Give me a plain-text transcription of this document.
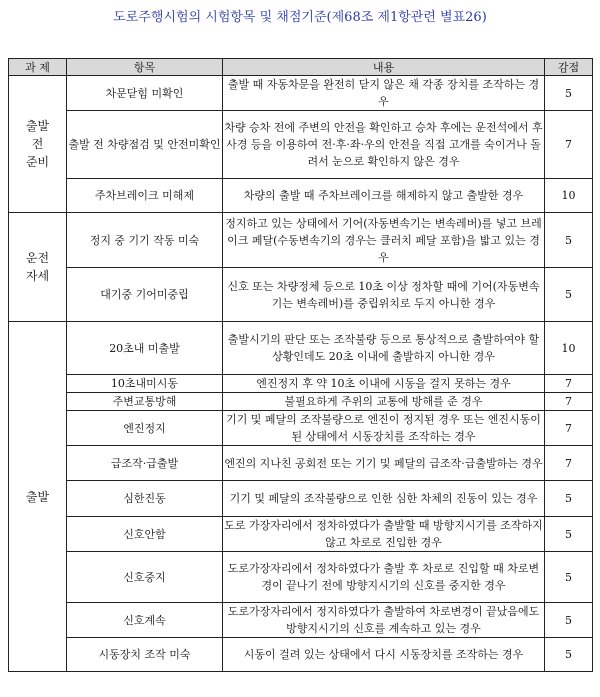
도로주행시험의 시험항목 및 채점기준(제68조 제1항관련 별표26)
과 제	항목	내용	감점

출발
전
준비	차문닫힘 미확인	출발 때 자동차문을 완전히 닫지 않은 채 각종 장치를 조작하는 경우	5
	출발 전 차량점검 및 안전미확인	차량 승차 전에 주변의 안전을 확인하고 승차 후에는 운전석에서 후사경 등을 이용하여 전·후·좌·우의 안전을 직접 고개를 숙이거나 돌려서 눈으로 확인하지 않은 경우	7
	주차브레이크 미해제	차량의 출발 때 주차브레이크를 해제하지 않고 출발한 경우	10

운전
자세	정지 중 기기 작동 미숙	정지하고 있는 상태에서 기어(자동변속기는 변속레버)를 넣고 브레이크 페달(수동변속기의 경우는 클러치 페달 포함)을 밟고 있는 경우	5
	대기중 기어미중립	신호 또는 차량정체 등으로 10초 이상 정차할 때에 기어(자동변속기는 변속레버)를 중립위치로 두지 아니한 경우	5

출발	20초내 미출발	출발시기의 판단 또는 조작불량 등으로 통상적으로 출발하여야 할 상황인데도 20초 이내에 출발하지 아니한 경우	10
	10초내미시동	엔진정지 후 약 10초 이내에 시동을 걸지 못하는 경우	7
	주변교통방해	불필요하게 주위의 교통에 방해를 준 경우	7
	엔진정지	기기 및 페달의 조작불량으로 엔진이 정지된 경우 또는 엔진시동이 된 상태에서 시동장치를 조작하는 경우	7
	급조작·급출발	엔진의 지나친 공회전 또는 기기 및 페달의 급조작·급출발하는 경우	7
	심한진동	기기 및 페달의 조작불량으로 인한 심한 차체의 진동이 있는 경우	5
	신호안함	도로 가장자리에서 정차하였다가 출발할 때 방향지시기를 조작하지 않고 차로로 진입한 경우	5
	신호중지	도로가장자리에서 정차하였다가 출발 후 차로로 진입할 때 차로변경이 끝나기 전에 방향지시기의 신호를 중지한 경우	5
	신호계속	도로가장자리에서 정지하였다가 출발하여 차로변경이 끝났음에도 방향지시기의 신호를 계속하고 있는 경우	5
	시동장치 조작 미숙	시동이 걸려 있는 상태에서 다시 시동장치를 조작하는 경우	5
